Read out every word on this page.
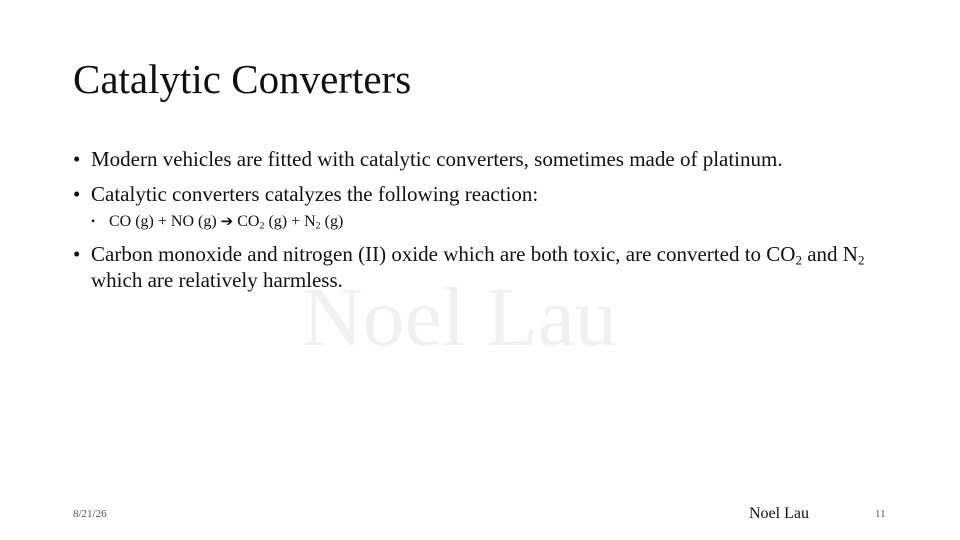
Noel Lau
Catalytic Converters
• Modern vehicles are fitted with catalytic converters, sometimes made of platinum.
• Catalytic converters catalyzes the following reaction:
• CO (g) + NO (g) ➔ $CO_2$ $(g) + N_2$ (g)
• Carbon monoxide and nitrogen (II) oxide which are both toxic, are converted to $CO_2$ and $N_2$ which are relatively harmless.
8/21/26	Noel Lau	11
